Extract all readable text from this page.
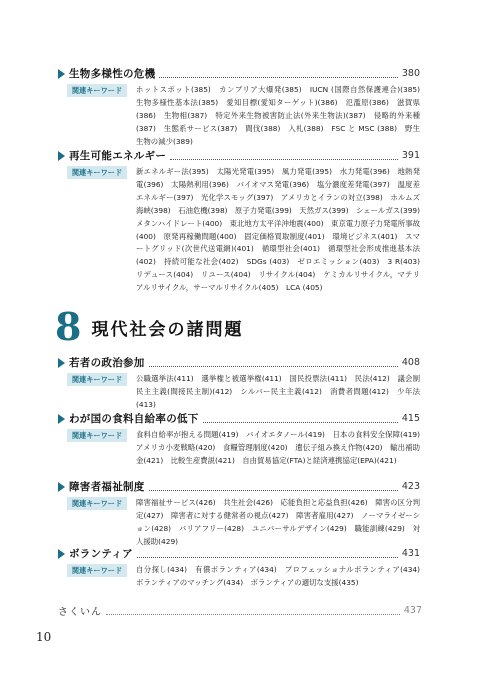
生物多様性の危機	380
関連キーワード	ホットスポット(385)　カンブリア大爆発(385)　IUCN (国際自然保護連合)(385)　生物多様性基本法(385)　愛知目標(愛知ターゲット)(386)　氾濫原(386)　滋賀県(386)　生物相(387)　特定外来生物被害防止法(外来生物法)(387)　侵略的外来種(387)　生態系サービス(387)　間伐(388)　入札(388)　FSC と MSC (388)　野生生物の減少(389)
再生可能エネルギー	391
関連キーワード	新エネルギー法(395)　太陽光発電(395)　風力発電(395)　水力発電(396)　地熱発電(396)　太陽熱利用(396)　バイオマス発電(396)　塩分濃度差発電(397)　温度差エネルギー(397)　光化学スモッグ(397)　アメリカとイランの対立(398)　ホルムズ海峡(398)　石油危機(398)　原子力発電(399)　天然ガス(399)　シェールガス(399)　メタンハイドレート(400)　東北地方太平洋沖地震(400)　東京電力原子力発電所事故(400)　原発再稼働問題(400)　固定価格買取制度(401)　環境ビジネス(401)　スマートグリッド(次世代送電網)(401)　循環型社会(401)　循環型社会形成推進基本法(402)　持続可能な社会(402)　SDGs (403)　ゼロエミッション(403)　3 R(403)　リデュース(404)　リユース(404)　リサイクル(404)　ケミカルリサイクル，マテリアルリサイクル，サーマルリサイクル(405)　LCA (405)
8 現代社会の諸問題
若者の政治参加	408
関連キーワード	公職選挙法(411)　選挙権と被選挙権(411)　国民投票法(411)　民法(412)　議会制民主主義(間接民主制)(412)　シルバー民主主義(412)　消費者問題(412)　少年法(413)
わが国の食料自給率の低下	415
関連キーワード	食料自給率が抱える問題(419)　バイオエタノール(419)　日本の食料安全保障(419)　アメリカ小麦戦略(420)　食糧管理制度(420)　遺伝子組み換え作物(420)　輸出補助金(421)　比較生産費説(421)　自由貿易協定(FTA)と経済連携協定(EPA)(421)
障害者福祉制度	423
関連キーワード	障害福祉サービス(426)　共生社会(426)　応能負担と応益負担(426)　障害の区分判定(427)　障害者に対する健常者の視点(427)　障害者雇用(427)　ノーマライゼーション(428)　バリアフリー(428)　ユニバーサルデザイン(429)　職能訓練(429)　対人援助(429)
ボランティア	431
関連キーワード	自分探し(434)　有償ボランティア(434)　プロフェッショナルボランティア(434)　ボランティアのマッチング(434)　ボランティアの適切な支援(435)
さくいん	437
10
